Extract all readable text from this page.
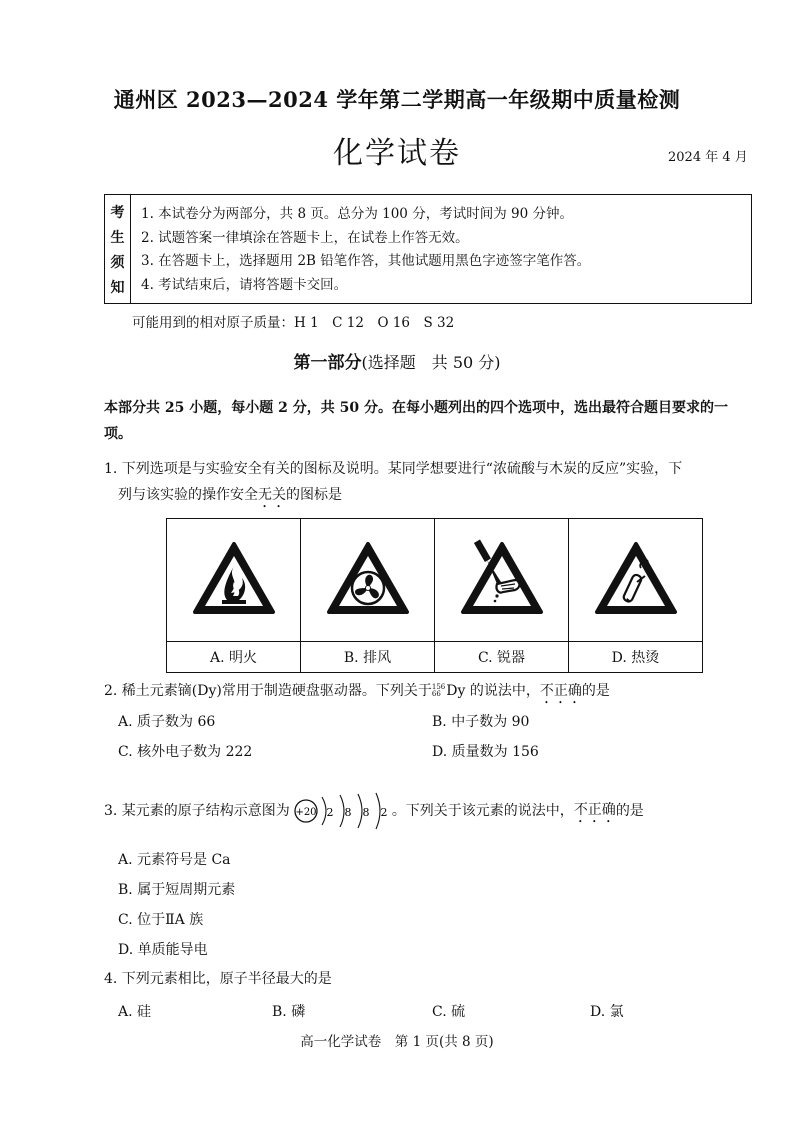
通州区 2023—2024 学年第二学期高一年级期中质量检测
化学试卷	2024 年 4 月
考
生
须
知
1. 本试卷分为两部分，共 8 页。总分为 100 分，考试时间为 90 分钟。
2. 试题答案一律填涂在答题卡上，在试卷上作答无效。
3. 在答题卡上，选择题用 2B 铅笔作答，其他试题用黑色字迹签字笔作答。
4. 考试结束后，请将答题卡交回。
可能用到的相对原子质量：H 1　C 12　O 16　S 32
第一部分(选择题　共 50 分)
本部分共 25 小题，每小题 2 分，共 50 分。在每小题列出的四个选项中，选出最符合题目要求的一项。
1. 下列选项是与实验安全有关的图标及说明。某同学想要进行“浓硫酸与木炭的反应”实验，下
列与该实验的操作安全无关的图标是

A. 明火	B. 排风	C. 锐器	D. 热烫
2. 稀土元素镝(Dy)常用于制造硬盘驱动器。下列关于 156
66 Dy 的说法中，不正确的是
A. 质子数为 66	B. 中子数为 90
C. 核外电子数为 222	D. 质量数为 156
3. 某元素的原子结构示意图为 +20 2 8 8 2 。下列关于该元素的说法中， 不正确 的是
A. 元素符号是 Ca
B. 属于短周期元素
C. 位于ⅡA 族
D. 单质能导电
4. 下列元素相比，原子半径最大的是
A. 硅	B. 磷	C. 硫	D. 氯
高一化学试卷　第 1 页(共 8 页)
